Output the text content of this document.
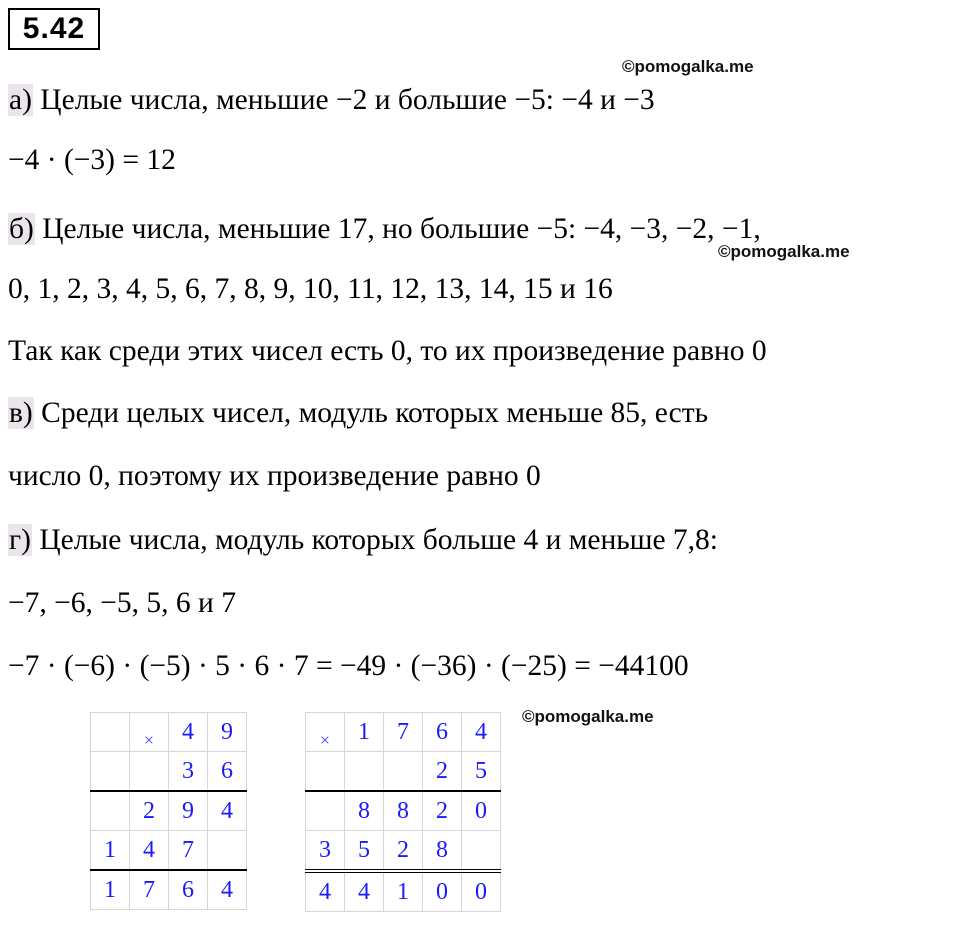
5.42
©pomogalka.me
©pomogalka.me
©pomogalka.me
а) Целые числа, меньшие −2 и большие −5: −4 и −3
−4 · (−3) = 12
б) Целые числа, меньшие 17, но большие −5: −4, −3, −2, −1,
0, 1, 2, 3, 4, 5, 6, 7, 8, 9, 10, 11, 12, 13, 14, 15 и 16
Так как среди этих чисел есть 0, то их произведение равно 0
в) Среди целых чисел, модуль которых меньше 85, есть
число 0, поэтому их произведение равно 0
г) Целые числа, модуль которых больше 4 и меньше 7,8:
−7, −6, −5, 5, 6 и 7
−7 · (−6) · (−5) · 5 · 6 · 7 = −49 · (−36) · (−25) = −44100
	×	4	9
		3	6
	2	9	4
1	4	7	
1	7	6	4
×	1	7	6	4
			2	5
	8	8	2	0
3	5	2	8	
4	4	1	0	0
